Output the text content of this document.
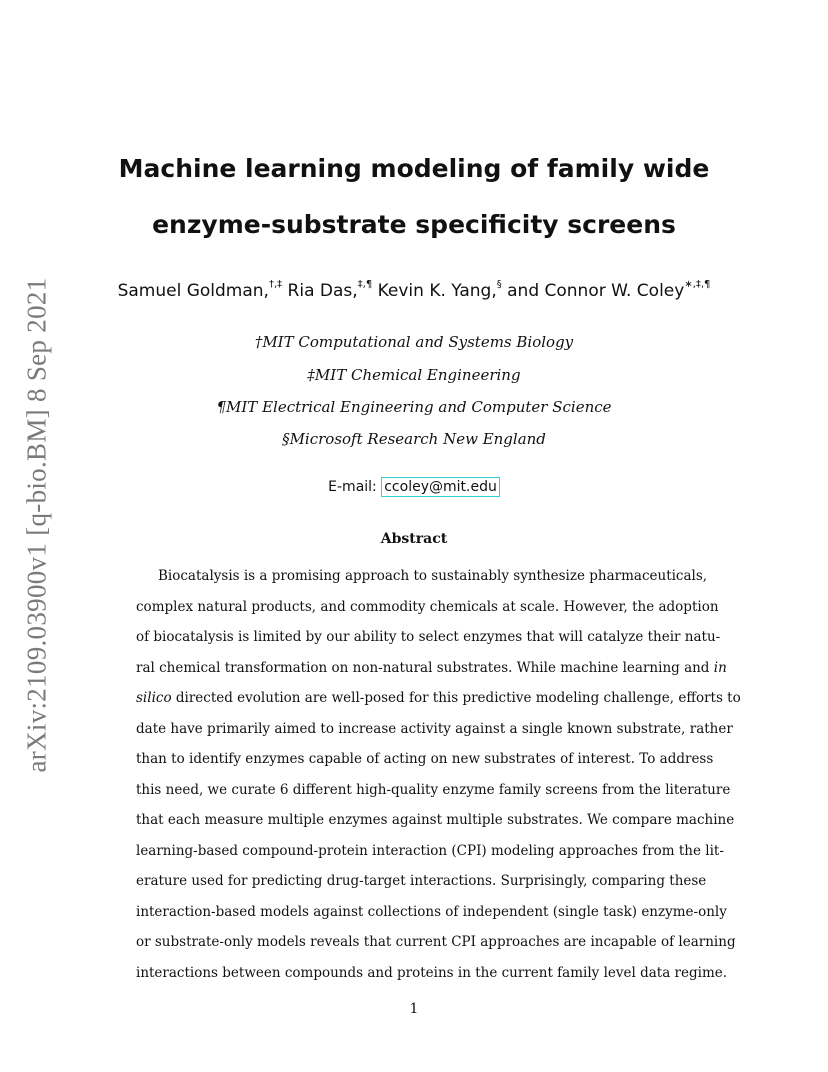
arXiv:2109.03900v1 [q-bio.BM] 8 Sep 2021
Machine learning modeling of family wide
enzyme-substrate specificity screens
Samuel Goldman,†,‡ Ria Das,‡,¶ Kevin K. Yang,§ and Connor W. Coley∗,‡,¶
†MIT Computational and Systems Biology
‡MIT Chemical Engineering
¶MIT Electrical Engineering and Computer Science
§Microsoft Research New England
E-mail: ccoley@mit.edu
Abstract
Biocatalysis is a promising approach to sustainably synthesize pharmaceuticals,
complex natural products, and commodity chemicals at scale. However, the adoption
of biocatalysis is limited by our ability to select enzymes that will catalyze their natu-
ral chemical transformation on non-natural substrates. While machine learning and in
silico directed evolution are well-posed for this predictive modeling challenge, efforts to
date have primarily aimed to increase activity against a single known substrate, rather
than to identify enzymes capable of acting on new substrates of interest. To address
this need, we curate 6 different high-quality enzyme family screens from the literature
that each measure multiple enzymes against multiple substrates. We compare machine
learning-based compound-protein interaction (CPI) modeling approaches from the lit-
erature used for predicting drug-target interactions. Surprisingly, comparing these
interaction-based models against collections of independent (single task) enzyme-only
or substrate-only models reveals that current CPI approaches are incapable of learning
interactions between compounds and proteins in the current family level data regime.
1
